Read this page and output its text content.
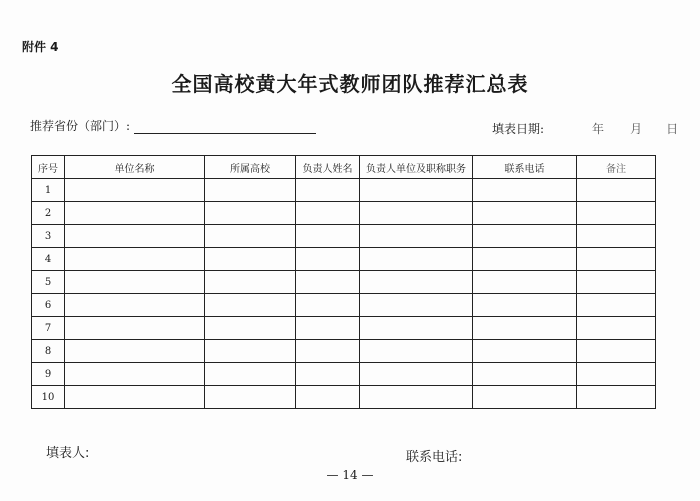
附件 4
全国高校黄大年式教师团队推荐汇总表
推荐省份（部门）:	填表日期:	年 月 日
序号	单位名称	所属高校	负责人姓名	负责人单位及职称职务	联系电话	备注
1						
2						
3						
4						
5						
6						
7						
8						
9						
10						
填表人:	联系电话:
— 14 —
